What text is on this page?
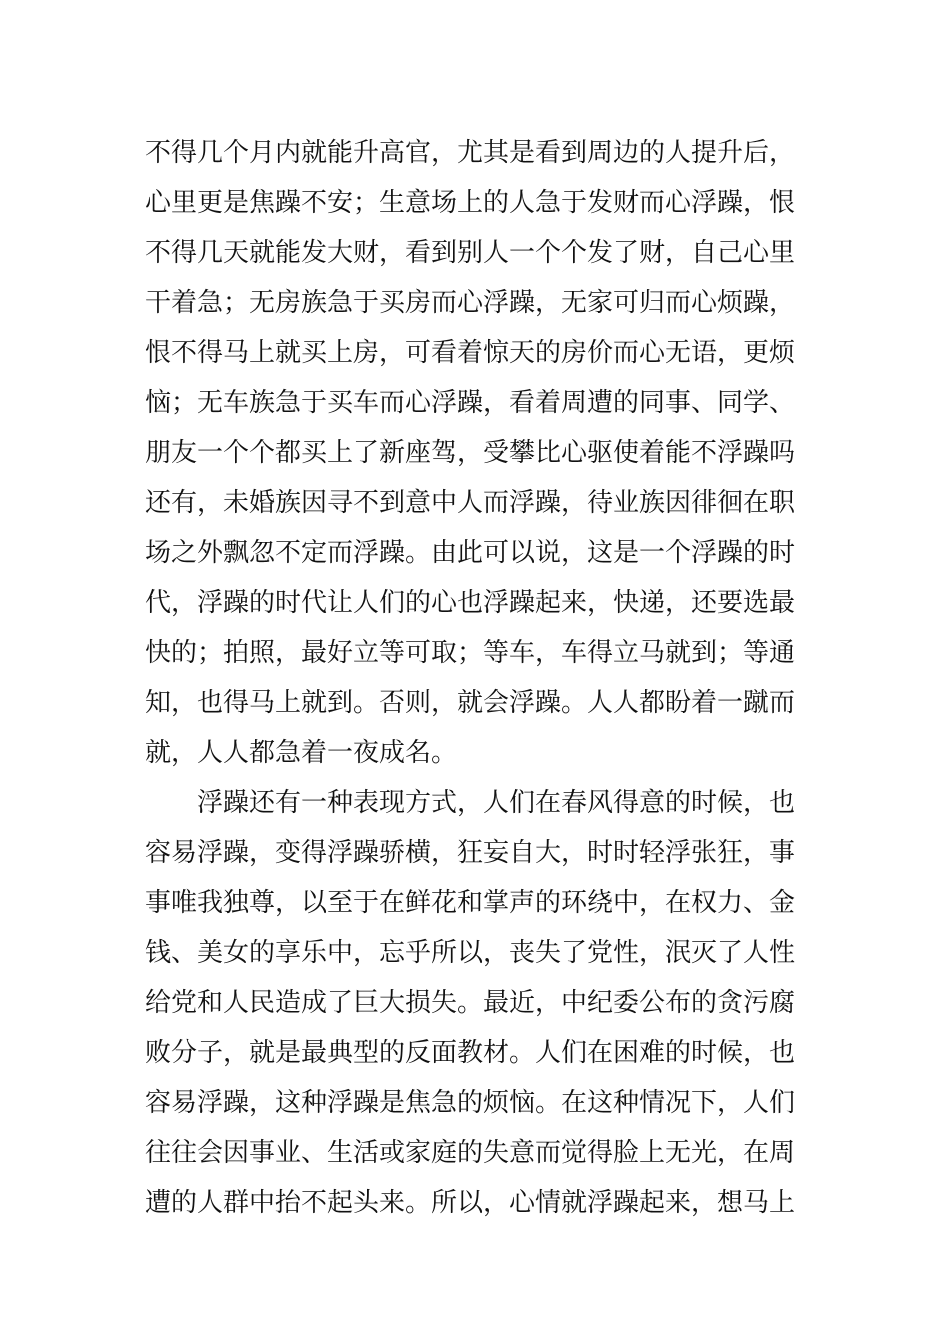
不得几个月内就能升高官，尤其是看到周边的人提升后，
心里更是焦躁不安；生意场上的人急于发财而心浮躁，恨
不得几天就能发大财，看到别人一个个发了财，自己心里
干着急；无房族急于买房而心浮躁，无家可归而心烦躁，
恨不得马上就买上房，可看着惊天的房价而心无语，更烦
恼；无车族急于买车而心浮躁，看着周遭的同事、同学、
朋友一个个都买上了新座驾，受攀比心驱使着能不浮躁吗
还有，未婚族因寻不到意中人而浮躁，待业族因徘徊在职
场之外飘忽不定而浮躁。由此可以说，这是一个浮躁的时
代，浮躁的时代让人们的心也浮躁起来，快递，还要选最
快的；拍照，最好立等可取；等车，车得立马就到；等通
知，也得马上就到。否则，就会浮躁。人人都盼着一蹴而
就，人人都急着一夜成名。
浮躁还有一种表现方式，人们在春风得意的时候，也
容易浮躁，变得浮躁骄横，狂妄自大，时时轻浮张狂，事
事唯我独尊，以至于在鲜花和掌声的环绕中，在权力、金
钱、美女的享乐中，忘乎所以，丧失了党性，泯灭了人性
给党和人民造成了巨大损失。最近，中纪委公布的贪污腐
败分子，就是最典型的反面教材。人们在困难的时候，也
容易浮躁，这种浮躁是焦急的烦恼。在这种情况下，人们
往往会因事业、生活或家庭的失意而觉得脸上无光，在周
遭的人群中抬不起头来。所以，心情就浮躁起来，想马上
